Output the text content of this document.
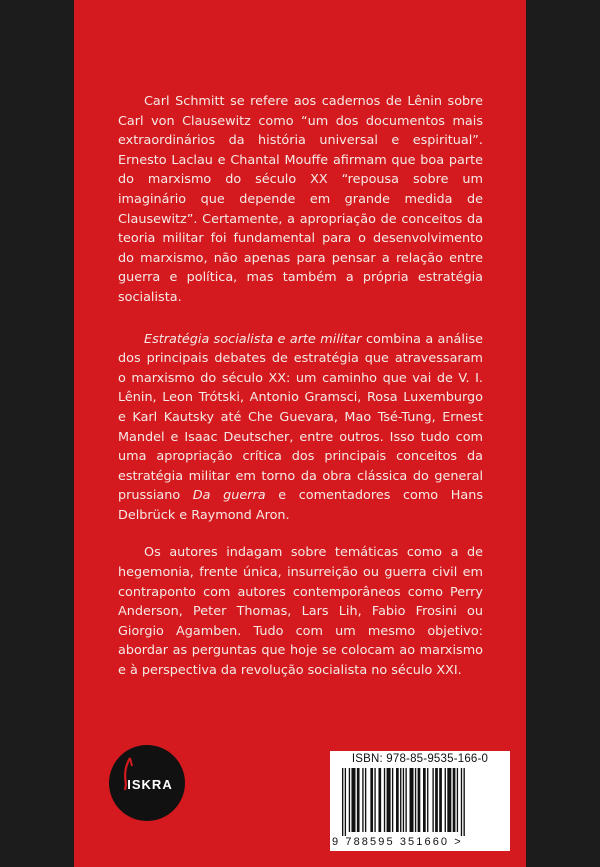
Carl Schmitt se refere aos cadernos de Lênin sobre Carl von Clausewitz como “um dos documentos mais extraordinários da história universal e espiritual”. Ernesto Laclau e Chantal Mouffe afirmam que boa parte do marxismo do século XX “repousa sobre um imaginário que depende em grande medida de Clausewitz”. Certamente, a apropriação de conceitos da teoria militar foi fundamental para o desenvolvimento do marxismo, não apenas para pensar a relação entre guerra e política, mas também a própria estratégia socialista.

Estratégia socialista e arte militar combina a análise dos principais debates de estratégia que atravessaram o marxismo do século XX: um caminho que vai de V. I. Lênin, Leon Trótski, Antonio Gramsci, Rosa Luxemburgo e Karl Kautsky até Che Guevara, Mao Tsé-Tung, Ernest Mandel e Isaac Deutscher, entre outros. Isso tudo com uma apropriação crítica dos principais conceitos da estratégia militar em torno da obra clássica do general prussiano Da guerra e comentadores como Hans Delbrück e Raymond Aron.

Os autores indagam sobre temáticas como a de hegemonia, frente única, insurreição ou guerra civil em contraponto com autores contemporâneos como Perry Anderson, Peter Thomas, Lars Lih, Fabio Frosini ou Giorgio Agamben. Tudo com um mesmo objetivo: abordar as perguntas que hoje se colocam ao marxismo e à perspectiva da revolução socialista no século XXI.

ISKRA
ISBN: 978-85-9535-166-0
9 788595 351660 >
